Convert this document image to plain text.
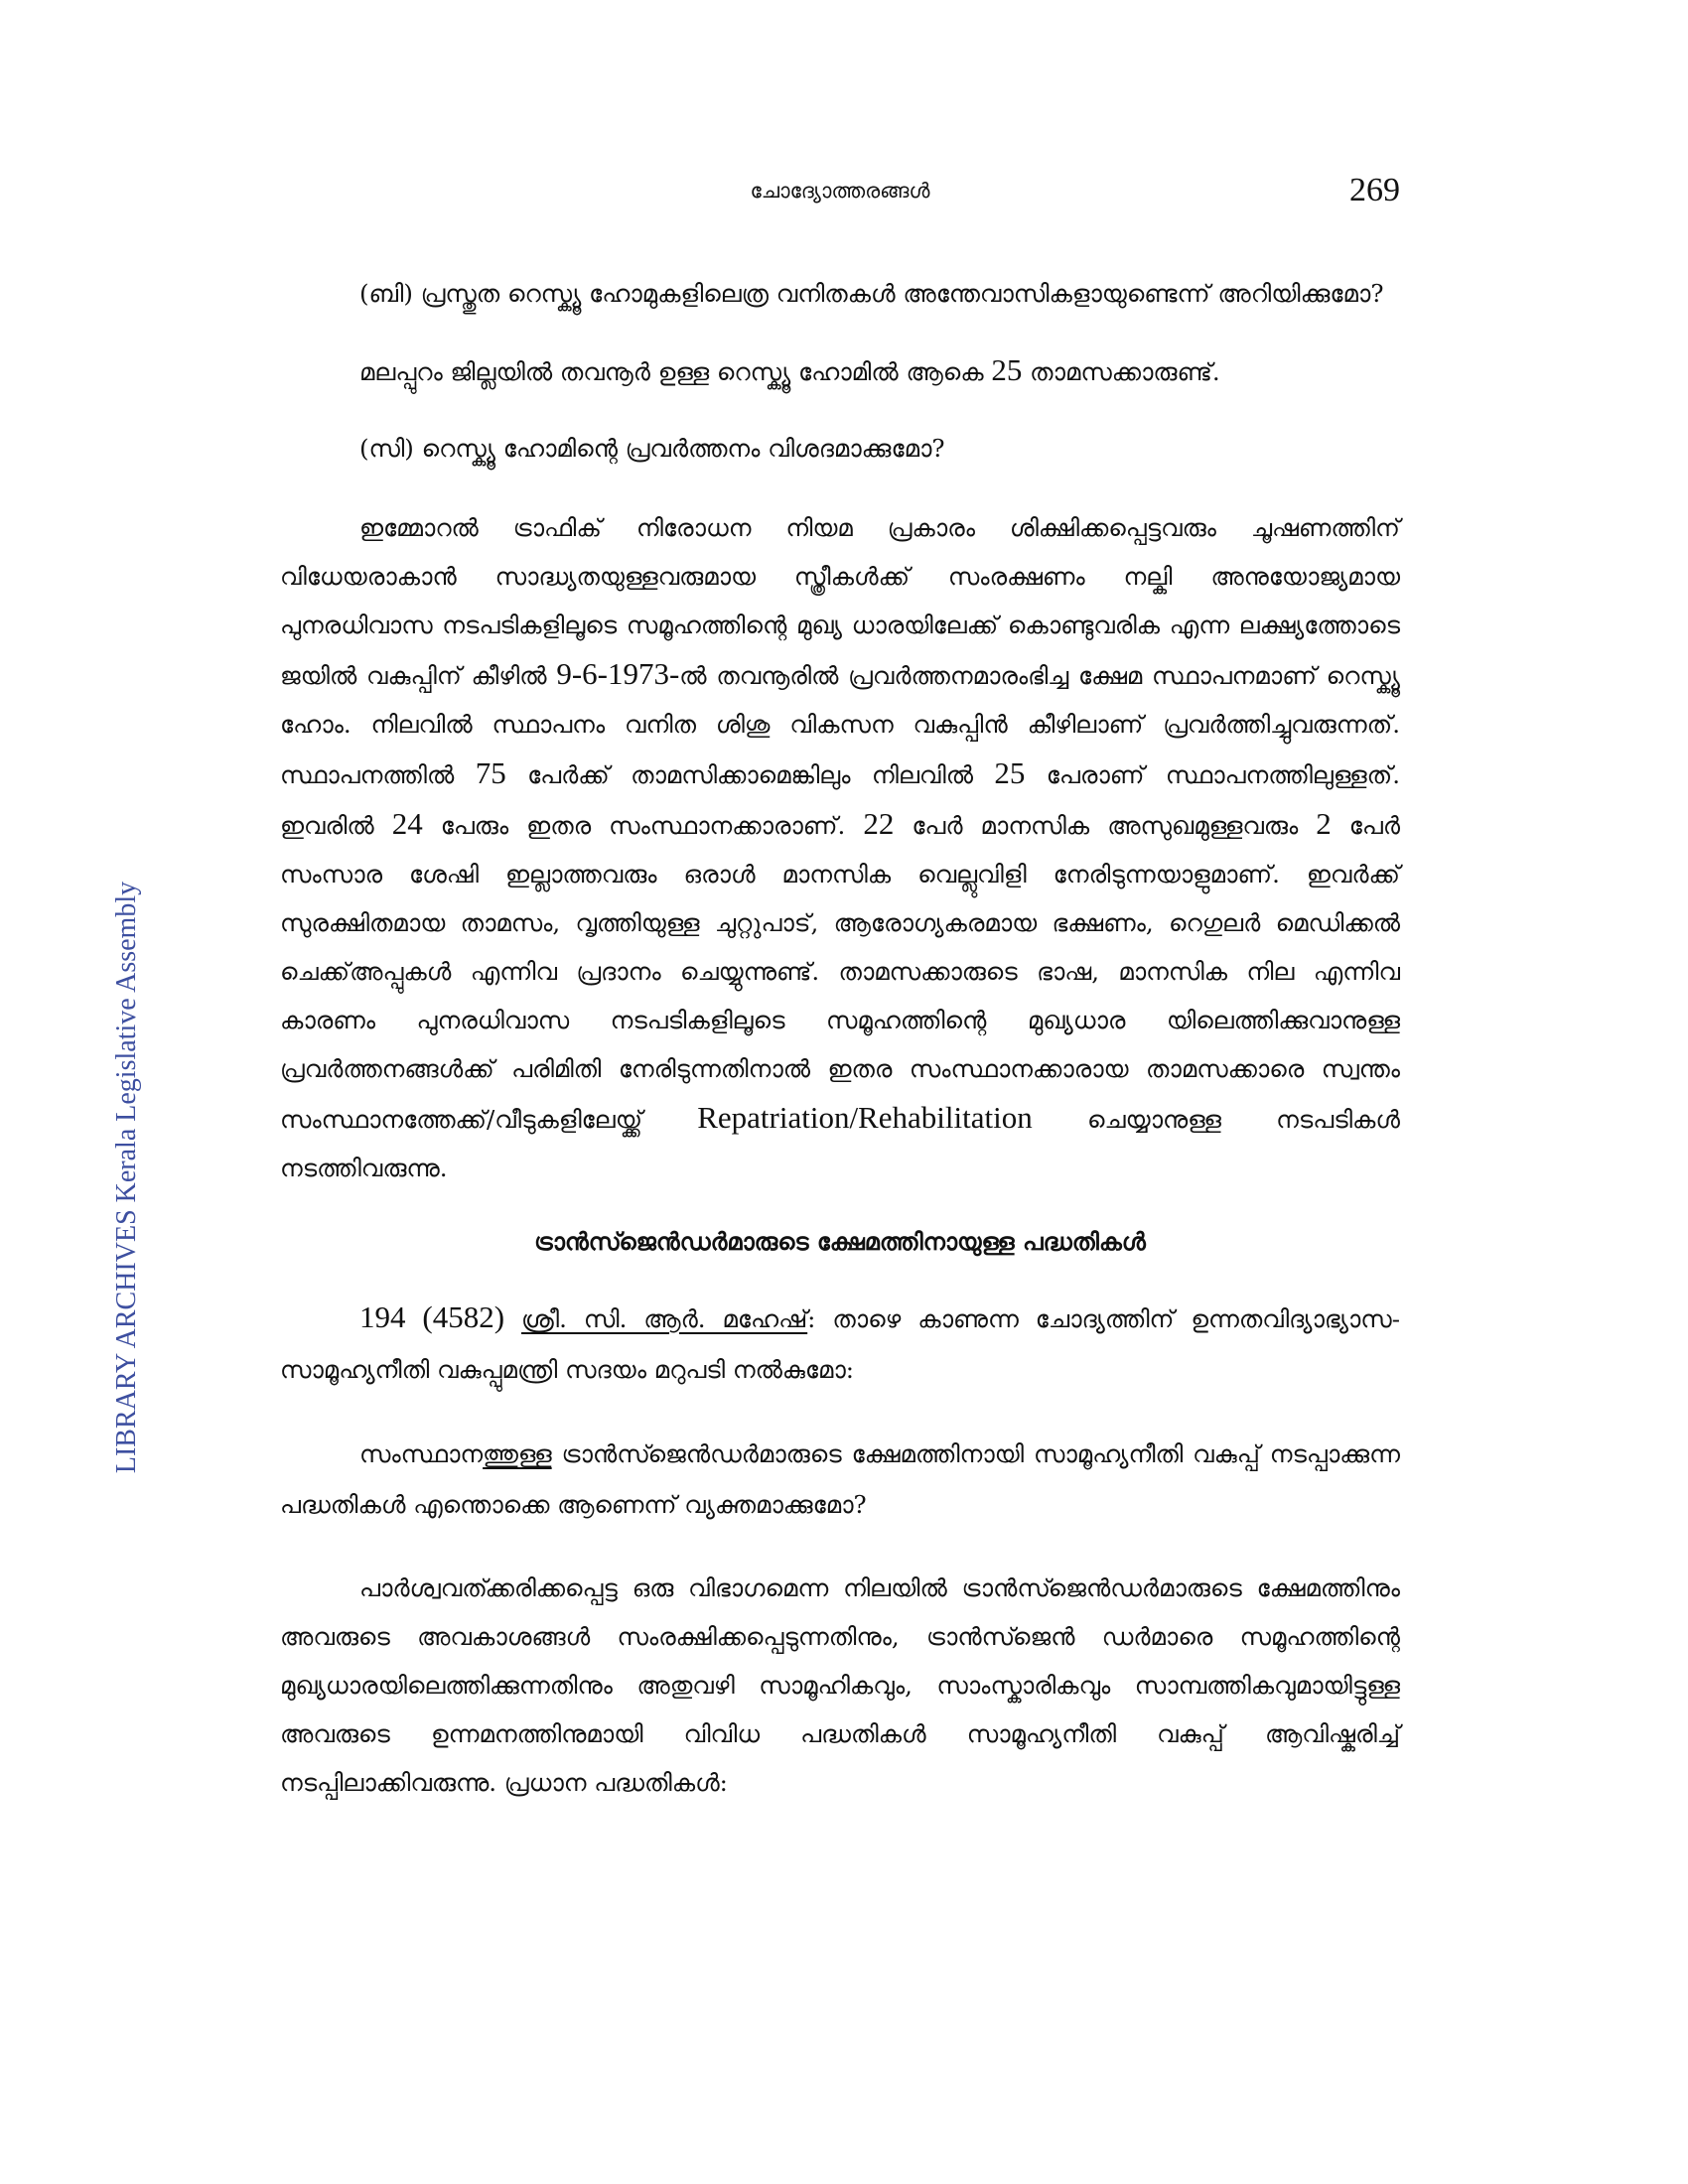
LIBRARY ARCHIVES Kerala Legislative Assembly
ചോദ്യോത്തരങ്ങൾ	269

(ബി) പ്രസ്തുത റെസ്ക്യൂ ഹോമുകളിലെത്ര വനിതകൾ അന്തേവാസികളായുണ്ടെന്ന് അറിയിക്കുമോ?

മലപ്പുറം ജില്ലയിൽ തവനൂർ ഉള്ള റെസ്ക്യൂ ഹോമിൽ ആകെ 25 താമസക്കാരുണ്ട്.

(സി) റെസ്ക്യൂ ഹോമിന്റെ പ്രവർത്തനം വിശദമാക്കുമോ?

ഇമ്മോറൽ ട്രാഫിക് നിരോധന നിയമ പ്രകാരം ശിക്ഷിക്കപ്പെട്ടവരും ചൂഷണത്തിന് വിധേയരാകാൻ സാദ്ധ്യതയുള്ളവരുമായ സ്ത്രീകൾക്ക് സംരക്ഷണം നല്കി അനുയോജ്യമായ പുനരധിവാസ നടപടികളിലൂടെ സമൂഹത്തിന്റെ മുഖ്യ ധാരയിലേക്ക് കൊണ്ടുവരിക എന്ന ലക്ഷ്യത്തോടെ ജയിൽ വകുപ്പിന് കീഴിൽ 9-6-1973-ൽ തവനൂരിൽ പ്രവർത്തനമാരംഭിച്ച ക്ഷേമ സ്ഥാപനമാണ് റെസ്ക്യൂ ഹോം. നിലവിൽ സ്ഥാപനം വനിത ശിശു വികസന വകുപ്പിൻ കീഴിലാണ് പ്രവർത്തിച്ചുവരുന്നത്. സ്ഥാപനത്തിൽ 75 പേർക്ക് താമസിക്കാമെങ്കിലും നിലവിൽ 25 പേരാണ് സ്ഥാപനത്തിലുള്ളത്. ഇവരിൽ 24 പേരും ഇതര സംസ്ഥാനക്കാരാണ്. 22 പേർ മാനസിക അസുഖമുള്ളവരും 2 പേർ സംസാര ശേഷി ഇല്ലാത്തവരും ഒരാൾ മാനസിക വെല്ലുവിളി നേരിടുന്നയാളുമാണ്. ഇവർക്ക് സുരക്ഷിതമായ താമസം, വൃത്തിയുള്ള ചുറ്റുപാട്, ആരോഗ്യകരമായ ഭക്ഷണം, റെഗുലർ മെഡിക്കൽ ചെക്ക്അപ്പുകൾ എന്നിവ പ്രദാനം ചെയ്യുന്നുണ്ട്. താമസക്കാരുടെ ഭാഷ, മാനസിക നില എന്നിവ കാരണം പുനരധിവാസ നടപടികളിലൂടെ സമൂഹത്തിന്റെ മുഖ്യധാര യിലെത്തിക്കുവാനുള്ള പ്രവർത്തനങ്ങൾക്ക് പരിമിതി നേരിടുന്നതിനാൽ ഇതര സംസ്ഥാനക്കാരായ താമസക്കാരെ സ്വന്തം സംസ്ഥാനത്തേക്ക്/വീടുകളിലേയ്ക്ക് Repatriation/Rehabilitation ചെയ്യാനുള്ള നടപടികൾ നടത്തിവരുന്നു.

ട്രാൻസ്ജെൻഡർമാരുടെ ക്ഷേമത്തിനായുള്ള പദ്ധതികൾ

194 (4582) ശ്രീ. സി. ആർ. മഹേഷ്: താഴെ കാണുന്ന ചോദ്യത്തിന് ഉന്നതവിദ്യാഭ്യാസ-സാമൂഹ്യനീതി വകുപ്പുമന്ത്രി സദയം മറുപടി നൽകുമോ:

സംസ്ഥാനത്തുള്ള ട്രാൻസ്ജെൻഡർമാരുടെ ക്ഷേമത്തിനായി സാമൂഹ്യനീതി വകുപ്പ് നടപ്പാക്കുന്ന പദ്ധതികൾ എന്തൊക്കെ ആണെന്ന് വ്യക്തമാക്കുമോ?

പാർശ്വവത്ക്കരിക്കപ്പെട്ട ഒരു വിഭാഗമെന്ന നിലയിൽ ട്രാൻസ്ജെൻഡർമാരുടെ ക്ഷേമത്തിനും അവരുടെ അവകാശങ്ങൾ സംരക്ഷിക്കപ്പെടുന്നതിനും, ട്രാൻസ്ജെൻ ഡർമാരെ സമൂഹത്തിന്റെ മുഖ്യധാരയിലെത്തിക്കുന്നതിനും അതുവഴി സാമൂഹികവും, സാംസ്കാരികവും സാമ്പത്തികവുമായിട്ടുള്ള അവരുടെ ഉന്നമനത്തിനുമായി വിവിധ പദ്ധതികൾ സാമൂഹ്യനീതി വകുപ്പ് ആവിഷ്കരിച്ച് നടപ്പിലാക്കിവരുന്നു. പ്രധാന പദ്ധതികൾ:
